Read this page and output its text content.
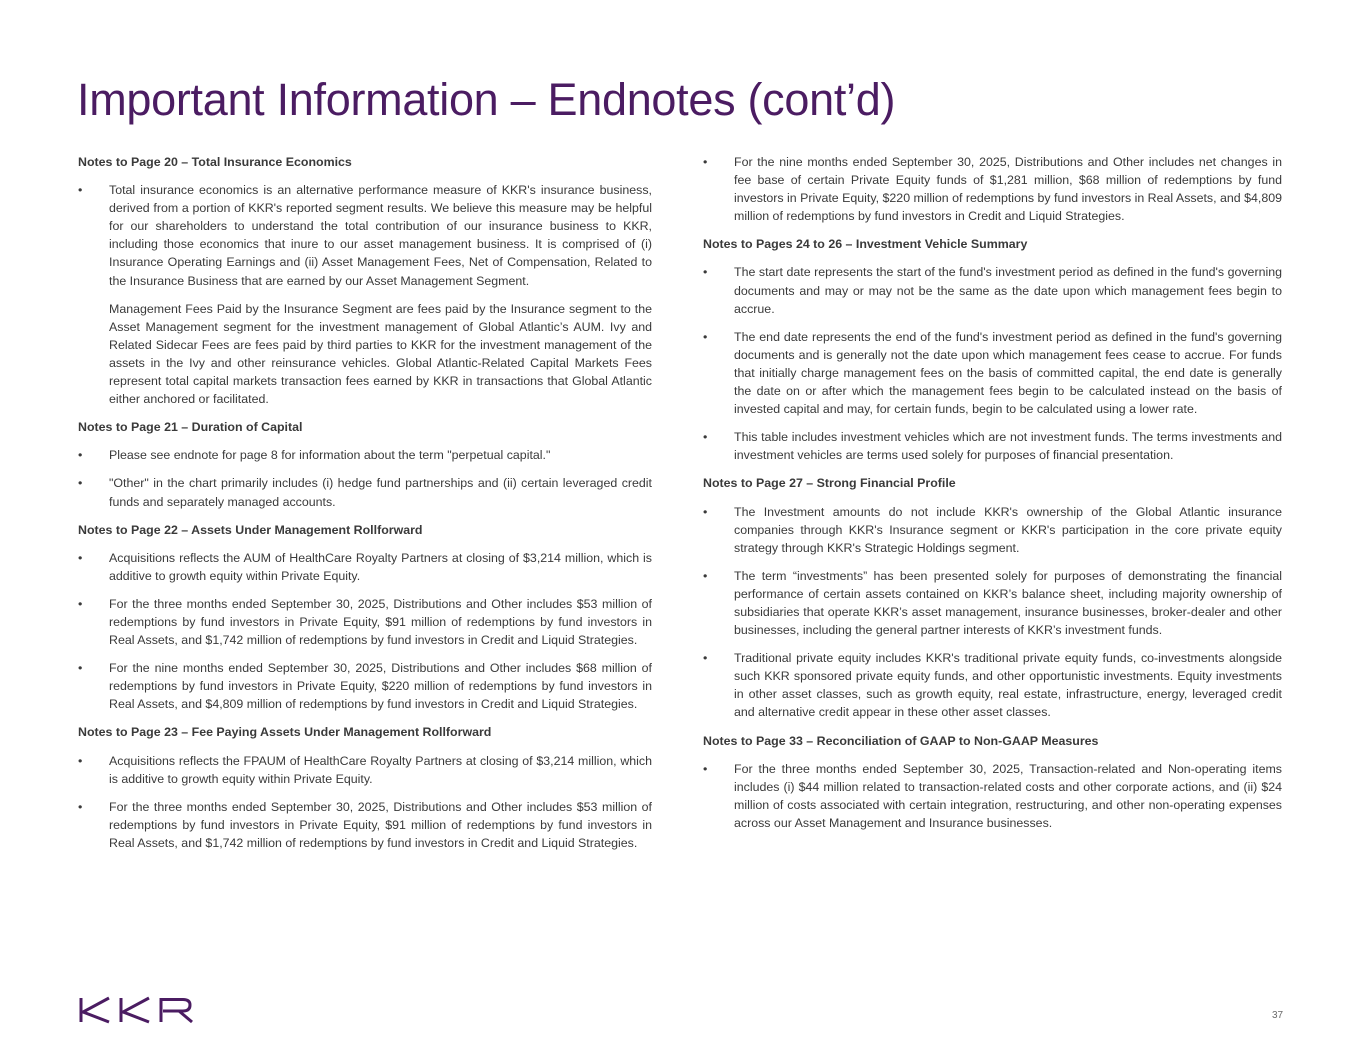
Important Information – Endnotes (cont’d)
Notes to Page 20 – Total Insurance Economics
• Total insurance economics is an alternative performance measure of KKR's insurance business, derived from a portion of KKR's reported segment results. We believe this measure may be helpful for our shareholders to understand the total contribution of our insurance business to KKR, including those economics that inure to our asset management business. It is comprised of (i) Insurance Operating Earnings and (ii) Asset Management Fees, Net of Compensation, Related to the Insurance Business that are earned by our Asset Management Segment.
Management Fees Paid by the Insurance Segment are fees paid by the Insurance segment to the Asset Management segment for the investment management of Global Atlantic’s AUM. Ivy and Related Sidecar Fees are fees paid by third parties to KKR for the investment management of the assets in the Ivy and other reinsurance vehicles. Global Atlantic-Related Capital Markets Fees represent total capital markets transaction fees earned by KKR in transactions that Global Atlantic either anchored or facilitated.
Notes to Page 21 – Duration of Capital
• Please see endnote for page 8 for information about the term "perpetual capital."
• "Other" in the chart primarily includes (i) hedge fund partnerships and (ii) certain leveraged credit funds and separately managed accounts.
Notes to Page 22 – Assets Under Management Rollforward
• Acquisitions reflects the AUM of HealthCare Royalty Partners at closing of $3,214 million, which is additive to growth equity within Private Equity.
• For the three months ended September 30, 2025, Distributions and Other includes $53 million of redemptions by fund investors in Private Equity, $91 million of redemptions by fund investors in Real Assets, and $1,742 million of redemptions by fund investors in Credit and Liquid Strategies.
• For the nine months ended September 30, 2025, Distributions and Other includes $68 million of redemptions by fund investors in Private Equity, $220 million of redemptions by fund investors in Real Assets, and $4,809 million of redemptions by fund investors in Credit and Liquid Strategies.
Notes to Page 23 – Fee Paying Assets Under Management Rollforward
• Acquisitions reflects the FPAUM of HealthCare Royalty Partners at closing of $3,214 million, which is additive to growth equity within Private Equity.
• For the three months ended September 30, 2025, Distributions and Other includes $53 million of redemptions by fund investors in Private Equity, $91 million of redemptions by fund investors in Real Assets, and $1,742 million of redemptions by fund investors in Credit and Liquid Strategies.
• For the nine months ended September 30, 2025, Distributions and Other includes net changes in fee base of certain Private Equity funds of $1,281 million, $68 million of redemptions by fund investors in Private Equity, $220 million of redemptions by fund investors in Real Assets, and $4,809 million of redemptions by fund investors in Credit and Liquid Strategies.
Notes to Pages 24 to 26 – Investment Vehicle Summary
• The start date represents the start of the fund's investment period as defined in the fund's governing documents and may or may not be the same as the date upon which management fees begin to accrue.
• The end date represents the end of the fund's investment period as defined in the fund's governing documents and is generally not the date upon which management fees cease to accrue. For funds that initially charge management fees on the basis of committed capital, the end date is generally the date on or after which the management fees begin to be calculated instead on the basis of invested capital and may, for certain funds, begin to be calculated using a lower rate.
• This table includes investment vehicles which are not investment funds. The terms investments and investment vehicles are terms used solely for purposes of financial presentation.
Notes to Page 27 – Strong Financial Profile
• The Investment amounts do not include KKR's ownership of the Global Atlantic insurance companies through KKR's Insurance segment or KKR's participation in the core private equity strategy through KKR's Strategic Holdings segment.
• The term “investments” has been presented solely for purposes of demonstrating the financial performance of certain assets contained on KKR’s balance sheet, including majority ownership of subsidiaries that operate KKR’s asset management, insurance businesses, broker-dealer and other businesses, including the general partner interests of KKR’s investment funds.
• Traditional private equity includes KKR's traditional private equity funds, co-investments alongside such KKR sponsored private equity funds, and other opportunistic investments. Equity investments in other asset classes, such as growth equity, real estate, infrastructure, energy, leveraged credit and alternative credit appear in these other asset classes.
Notes to Page 33 – Reconciliation of GAAP to Non-GAAP Measures
• For the three months ended September 30, 2025, Transaction-related and Non-operating items includes (i) $44 million related to transaction-related costs and other corporate actions, and (ii) $24 million of costs associated with certain integration, restructuring, and other non-operating expenses across our Asset Management and Insurance businesses.
37
